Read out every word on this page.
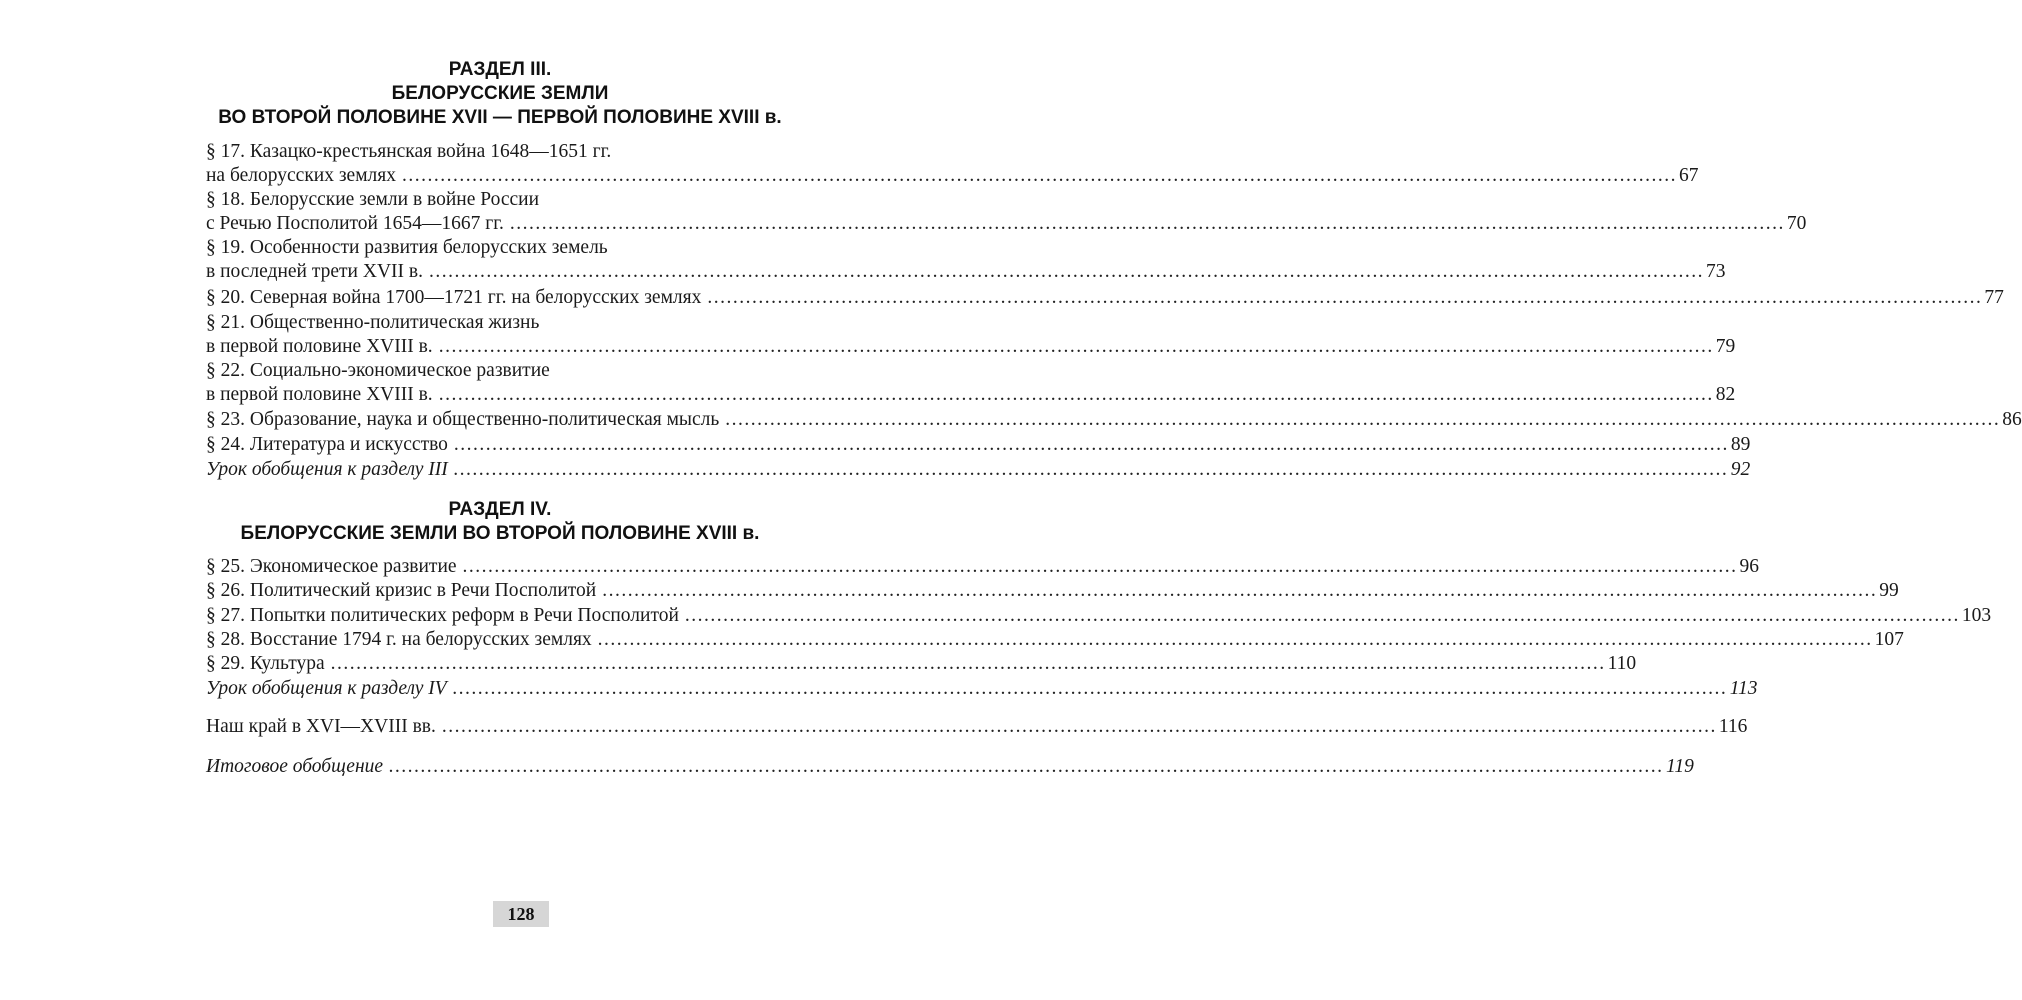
РАЗДЕЛ III.
БЕЛОРУССКИЕ ЗЕМЛИ
ВО ВТОРОЙ ПОЛОВИНЕ XVII — ПЕРВОЙ ПОЛОВИНЕ XVIII в.
§ 17. Казацко-крестьянская война 1648—1651 гг.
на белорусских землях ........................................................................................................................................................................................................ 67
§ 18. Белорусские земли в войне России
с Речью Посполитой 1654—1667 гг. ........................................................................................................................................................................................................ 70
§ 19. Особенности развития белорусских земель
в последней трети XVII в. ........................................................................................................................................................................................................ 73
§ 20. Северная война 1700—1721 гг. на белорусских землях ........................................................................................................................................................................................................ 77
§ 21. Общественно-политическая жизнь
в первой половине XVIII в. ........................................................................................................................................................................................................ 79
§ 22. Социально-экономическое развитие
в первой половине XVIII в. ........................................................................................................................................................................................................ 82
§ 23. Образование, наука и общественно-политическая мысль ........................................................................................................................................................................................................ 86
§ 24. Литература и искусство ........................................................................................................................................................................................................ 89
Урок обобщения к разделу III ........................................................................................................................................................................................................ 92
РАЗДЕЛ IV.
БЕЛОРУССКИЕ ЗЕМЛИ ВО ВТОРОЙ ПОЛОВИНЕ XVIII в.
§ 25. Экономическое развитие ........................................................................................................................................................................................................ 96
§ 26. Политический кризис в Речи Посполитой ........................................................................................................................................................................................................ 99
§ 27. Попытки политических реформ в Речи Посполитой ........................................................................................................................................................................................................ 103
§ 28. Восстание 1794 г. на белорусских землях ........................................................................................................................................................................................................ 107
§ 29. Культура ........................................................................................................................................................................................................ 110
Урок обобщения к разделу IV ........................................................................................................................................................................................................ 113
Наш край в XVI—XVIII вв. ........................................................................................................................................................................................................ 116
Итоговое обобщение ........................................................................................................................................................................................................ 119
128
